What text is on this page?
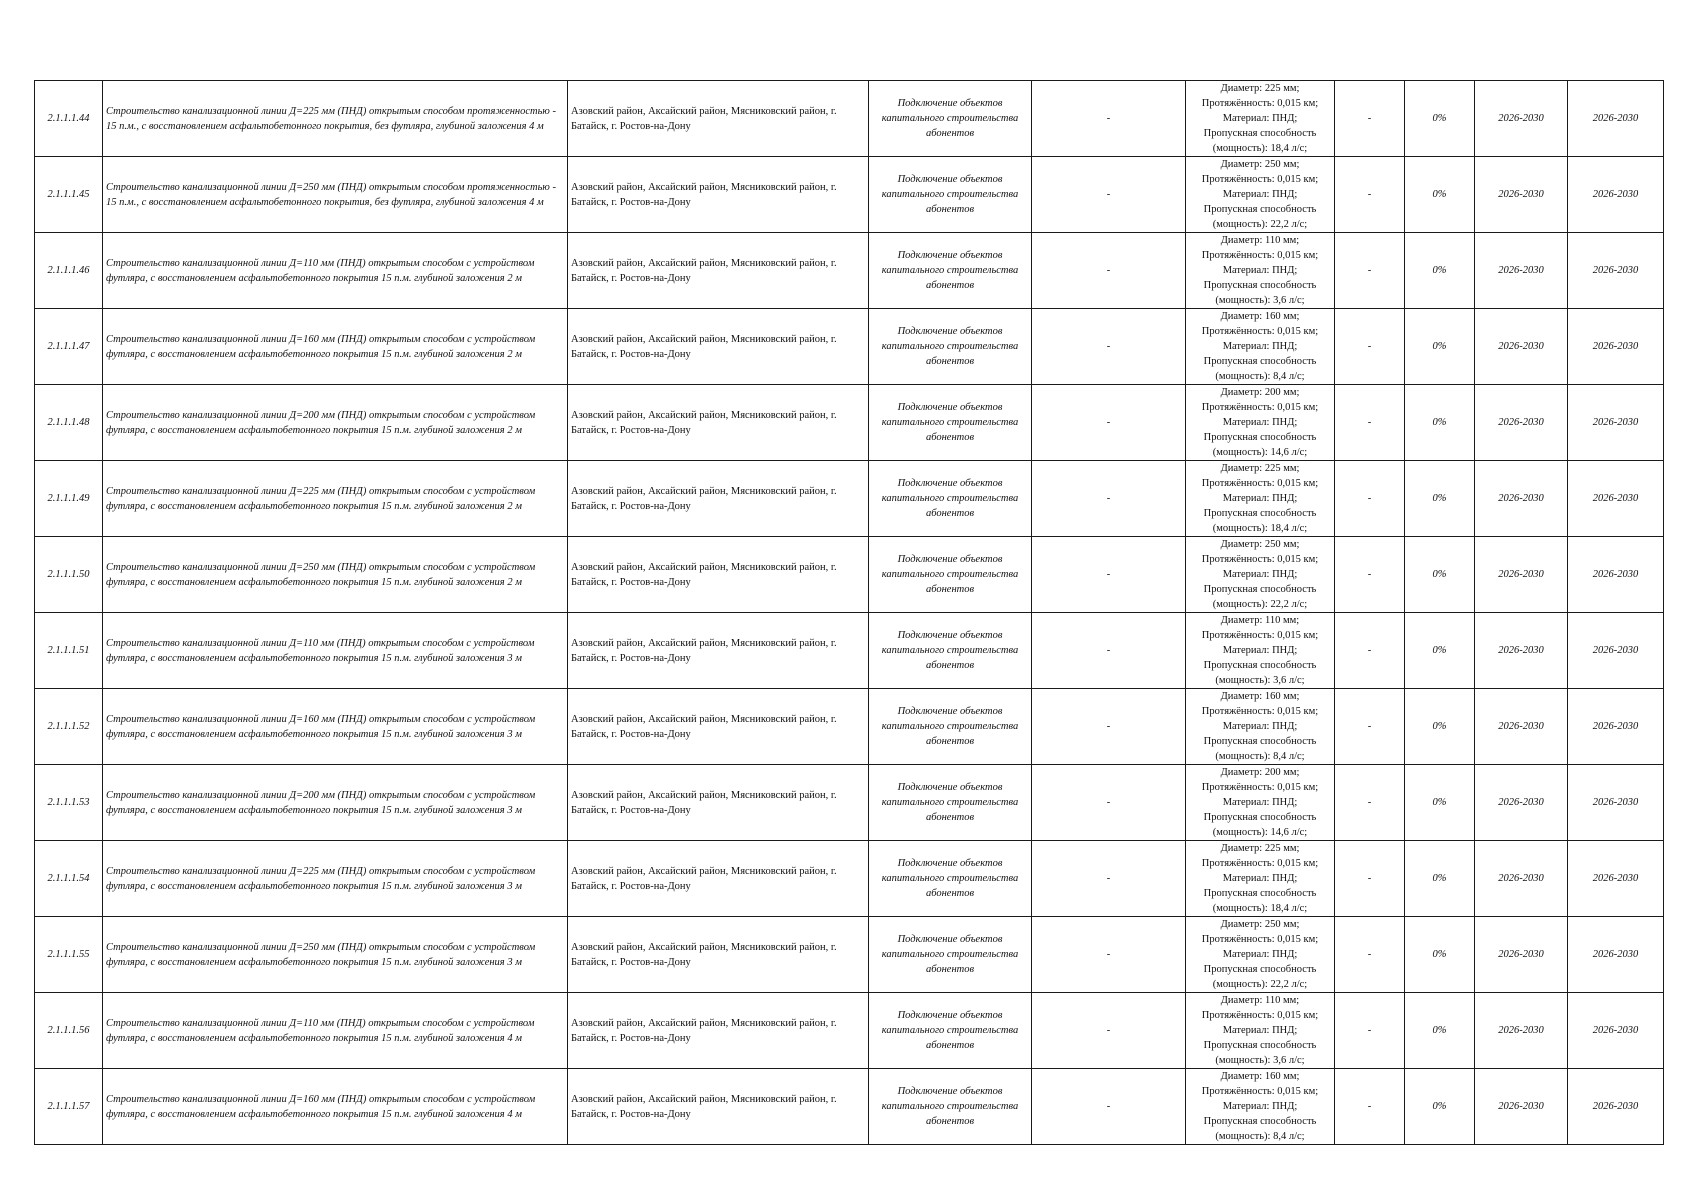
2.1.1.1.44	Строительство канализационной линии Д=225 мм (ПНД) открытым способом протяженностью - 15 п.м., с восстановлением асфальтобетонного покрытия, без футляра, глубиной заложения 4 м	Азовский район, Аксайский район, Мясниковский район, г. Батайск, г. Ростов-на-Дону	Подключение объектов капитального строительства абонентов	-	Диаметр: 225 мм;
Протяжённость: 0,015 км;
Материал: ПНД;
Пропускная способность
(мощность): 18,4 л/с;	-	0%	2026-2030	2026-2030
2.1.1.1.45	Строительство канализационной линии Д=250 мм (ПНД) открытым способом протяженностью - 15 п.м., с восстановлением асфальтобетонного покрытия, без футляра, глубиной заложения 4 м	Азовский район, Аксайский район, Мясниковский район, г. Батайск, г. Ростов-на-Дону	Подключение объектов капитального строительства абонентов	-	Диаметр: 250 мм;
Протяжённость: 0,015 км;
Материал: ПНД;
Пропускная способность
(мощность): 22,2 л/с;	-	0%	2026-2030	2026-2030
2.1.1.1.46	Строительство канализационной линии Д=110 мм (ПНД) открытым способом с устройством футляра, с восстановлением асфальтобетонного покрытия 15 п.м. глубиной заложения 2 м	Азовский район, Аксайский район, Мясниковский район, г. Батайск, г. Ростов-на-Дону	Подключение объектов капитального строительства абонентов	-	Диаметр: 110 мм;
Протяжённость: 0,015 км;
Материал: ПНД;
Пропускная способность
(мощность): 3,6 л/с;	-	0%	2026-2030	2026-2030
2.1.1.1.47	Строительство канализационной линии Д=160 мм (ПНД) открытым способом с устройством футляра, с восстановлением асфальтобетонного покрытия 15 п.м. глубиной заложения 2 м	Азовский район, Аксайский район, Мясниковский район, г. Батайск, г. Ростов-на-Дону	Подключение объектов капитального строительства абонентов	-	Диаметр: 160 мм;
Протяжённость: 0,015 км;
Материал: ПНД;
Пропускная способность
(мощность): 8,4 л/с;	-	0%	2026-2030	2026-2030
2.1.1.1.48	Строительство канализационной линии Д=200 мм (ПНД) открытым способом с устройством футляра, с восстановлением асфальтобетонного покрытия 15 п.м. глубиной заложения 2 м	Азовский район, Аксайский район, Мясниковский район, г. Батайск, г. Ростов-на-Дону	Подключение объектов капитального строительства абонентов	-	Диаметр: 200 мм;
Протяжённость: 0,015 км;
Материал: ПНД;
Пропускная способность
(мощность): 14,6 л/с;	-	0%	2026-2030	2026-2030
2.1.1.1.49	Строительство канализационной линии Д=225 мм (ПНД) открытым способом с устройством футляра, с восстановлением асфальтобетонного покрытия 15 п.м. глубиной заложения 2 м	Азовский район, Аксайский район, Мясниковский район, г. Батайск, г. Ростов-на-Дону	Подключение объектов капитального строительства абонентов	-	Диаметр: 225 мм;
Протяжённость: 0,015 км;
Материал: ПНД;
Пропускная способность
(мощность): 18,4 л/с;	-	0%	2026-2030	2026-2030
2.1.1.1.50	Строительство канализационной линии Д=250 мм (ПНД) открытым способом с устройством футляра, с восстановлением асфальтобетонного покрытия 15 п.м. глубиной заложения 2 м	Азовский район, Аксайский район, Мясниковский район, г. Батайск, г. Ростов-на-Дону	Подключение объектов капитального строительства абонентов	-	Диаметр: 250 мм;
Протяжённость: 0,015 км;
Материал: ПНД;
Пропускная способность
(мощность): 22,2 л/с;	-	0%	2026-2030	2026-2030
2.1.1.1.51	Строительство канализационной линии Д=110 мм (ПНД) открытым способом с устройством футляра, с восстановлением асфальтобетонного покрытия 15 п.м. глубиной заложения 3 м	Азовский район, Аксайский район, Мясниковский район, г. Батайск, г. Ростов-на-Дону	Подключение объектов капитального строительства абонентов	-	Диаметр: 110 мм;
Протяжённость: 0,015 км;
Материал: ПНД;
Пропускная способность
(мощность): 3,6 л/с;	-	0%	2026-2030	2026-2030
2.1.1.1.52	Строительство канализационной линии Д=160 мм (ПНД) открытым способом с устройством футляра, с восстановлением асфальтобетонного покрытия 15 п.м. глубиной заложения 3 м	Азовский район, Аксайский район, Мясниковский район, г. Батайск, г. Ростов-на-Дону	Подключение объектов капитального строительства абонентов	-	Диаметр: 160 мм;
Протяжённость: 0,015 км;
Материал: ПНД;
Пропускная способность
(мощность): 8,4 л/с;	-	0%	2026-2030	2026-2030
2.1.1.1.53	Строительство канализационной линии Д=200 мм (ПНД) открытым способом с устройством футляра, с восстановлением асфальтобетонного покрытия 15 п.м. глубиной заложения 3 м	Азовский район, Аксайский район, Мясниковский район, г. Батайск, г. Ростов-на-Дону	Подключение объектов капитального строительства абонентов	-	Диаметр: 200 мм;
Протяжённость: 0,015 км;
Материал: ПНД;
Пропускная способность
(мощность): 14,6 л/с;	-	0%	2026-2030	2026-2030
2.1.1.1.54	Строительство канализационной линии Д=225 мм (ПНД) открытым способом с устройством футляра, с восстановлением асфальтобетонного покрытия 15 п.м. глубиной заложения 3 м	Азовский район, Аксайский район, Мясниковский район, г. Батайск, г. Ростов-на-Дону	Подключение объектов капитального строительства абонентов	-	Диаметр: 225 мм;
Протяжённость: 0,015 км;
Материал: ПНД;
Пропускная способность
(мощность): 18,4 л/с;	-	0%	2026-2030	2026-2030
2.1.1.1.55	Строительство канализационной линии Д=250 мм (ПНД) открытым способом с устройством футляра, с восстановлением асфальтобетонного покрытия 15 п.м. глубиной заложения 3 м	Азовский район, Аксайский район, Мясниковский район, г. Батайск, г. Ростов-на-Дону	Подключение объектов капитального строительства абонентов	-	Диаметр: 250 мм;
Протяжённость: 0,015 км;
Материал: ПНД;
Пропускная способность
(мощность): 22,2 л/с;	-	0%	2026-2030	2026-2030
2.1.1.1.56	Строительство канализационной линии Д=110 мм (ПНД) открытым способом с устройством футляра, с восстановлением асфальтобетонного покрытия 15 п.м. глубиной заложения 4 м	Азовский район, Аксайский район, Мясниковский район, г. Батайск, г. Ростов-на-Дону	Подключение объектов капитального строительства абонентов	-	Диаметр: 110 мм;
Протяжённость: 0,015 км;
Материал: ПНД;
Пропускная способность
(мощность): 3,6 л/с;	-	0%	2026-2030	2026-2030
2.1.1.1.57	Строительство канализационной линии Д=160 мм (ПНД) открытым способом с устройством футляра, с восстановлением асфальтобетонного покрытия 15 п.м. глубиной заложения 4 м	Азовский район, Аксайский район, Мясниковский район, г. Батайск, г. Ростов-на-Дону	Подключение объектов капитального строительства абонентов	-	Диаметр: 160 мм;
Протяжённость: 0,015 км;
Материал: ПНД;
Пропускная способность
(мощность): 8,4 л/с;	-	0%	2026-2030	2026-2030
